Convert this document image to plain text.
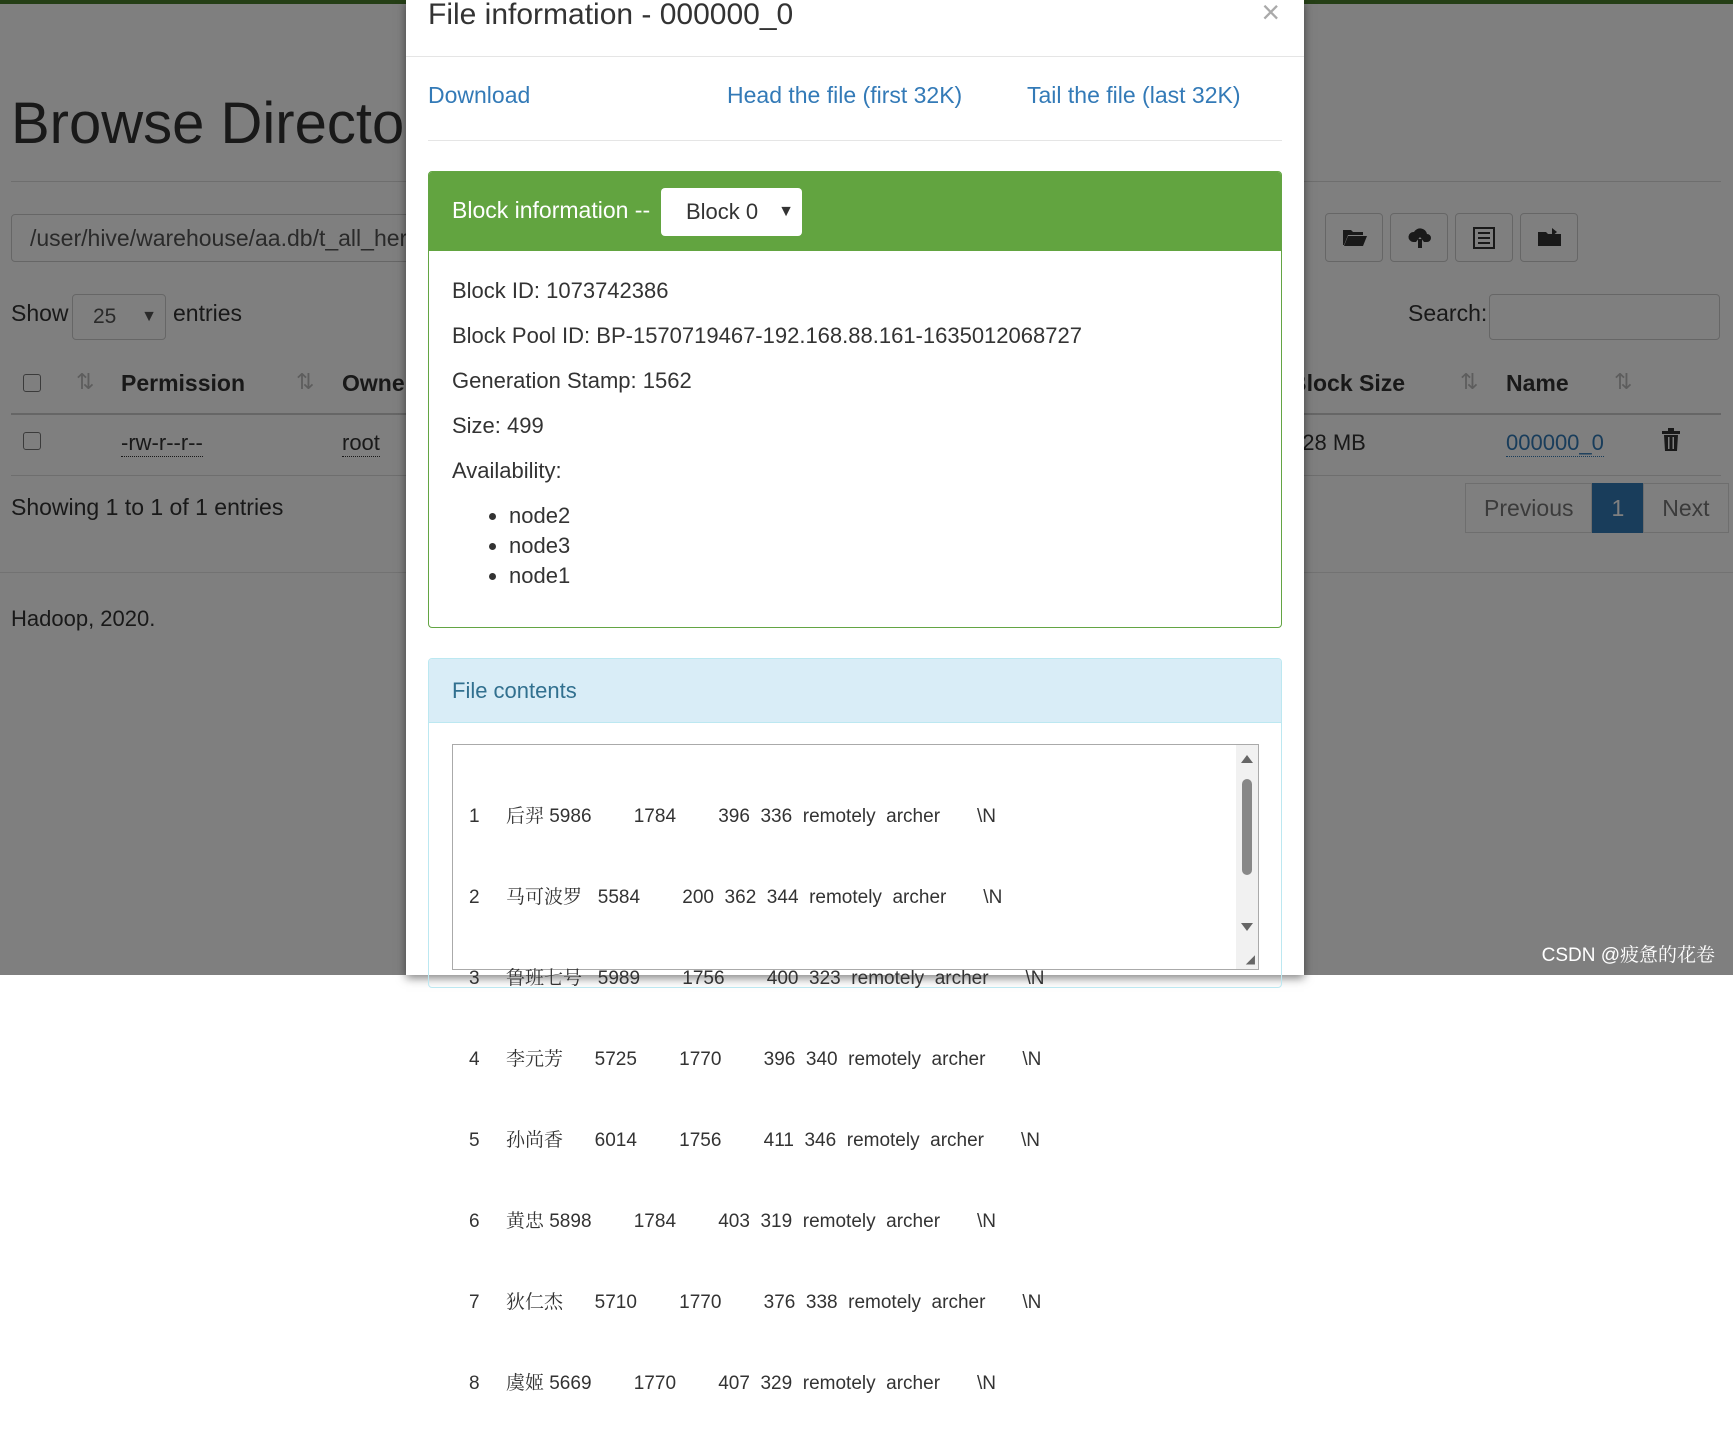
File information - 000000_0	×
Download	Head the file (first 32K)	Tail the file (last 32K)
Block information --	Block 0 ▼
Block ID: 1073742386
Block Pool ID: BP-1570719467-192.168.88.161-1635012068727
Generation Stamp: 1562
Size: 499
Availability:
• node2
• node3
• node1
File contents

1     后羿 5986        1784        396  336  remotely  archer       \N

2     马可波罗   5584        200  362  344  remotely  archer       \N

3     鲁班七号   5989        1756        400  323  remotely  archer       \N

4     李元芳      5725        1770        396  340  remotely  archer       \N

5     孙尚香      6014        1756        411  346  remotely  archer       \N

6     黄忠 5898        1784        403  319  remotely  archer       \N

7     狄仁杰      5710        1770        376  338  remotely  archer       \N

8     虞姬 5669        1770        407  329  remotely  archer       \N

◢	CSDN @疲惫的花卷
